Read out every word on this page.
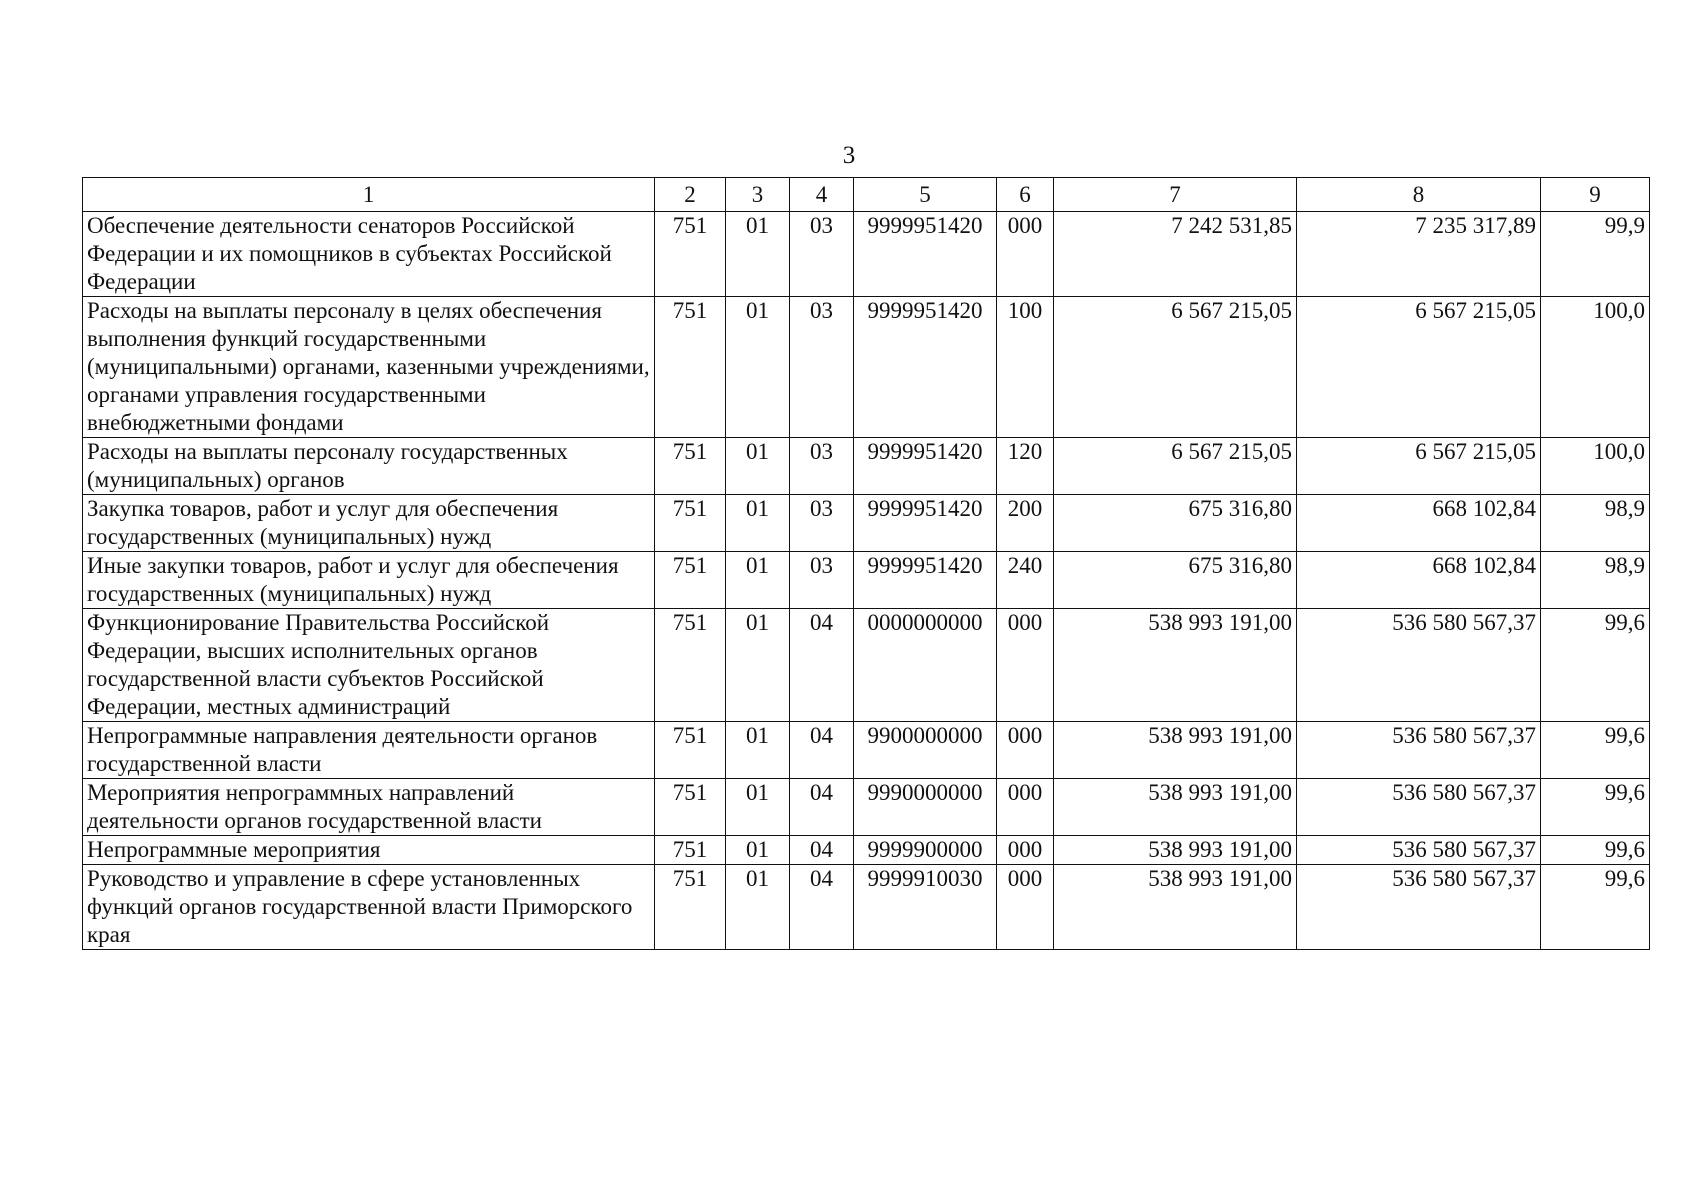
3
1	2	3	4	5	6	7	8	9
Обеспечение деятельности сенаторов Российской Федерации и их помощников в субъектах Российской Федерации	751	01	03	9999951420	000	7 242 531,85	7 235 317,89	99,9
Расходы на выплаты персоналу в целях обеспечения выполнения функций государственными (муниципальными) органами, казенными учреждениями, органами управления государственными внебюджетными фондами	751	01	03	9999951420	100	6 567 215,05	6 567 215,05	100,0
Расходы на выплаты персоналу государственных (муниципальных) органов	751	01	03	9999951420	120	6 567 215,05	6 567 215,05	100,0
Закупка товаров, работ и услуг для обеспечения государственных (муниципальных) нужд	751	01	03	9999951420	200	675 316,80	668 102,84	98,9
Иные закупки товаров, работ и услуг для обеспечения государственных (муниципальных) нужд	751	01	03	9999951420	240	675 316,80	668 102,84	98,9
Функционирование Правительства Российской Федерации, высших исполнительных органов государственной власти субъектов Российской Федерации, местных администраций	751	01	04	0000000000	000	538 993 191,00	536 580 567,37	99,6
Непрограммные направления деятельности органов государственной власти	751	01	04	9900000000	000	538 993 191,00	536 580 567,37	99,6
Мероприятия непрограммных направлений деятельности органов государственной власти	751	01	04	9990000000	000	538 993 191,00	536 580 567,37	99,6
Непрограммные мероприятия	751	01	04	9999900000	000	538 993 191,00	536 580 567,37	99,6
Руководство и управление в сфере установленных функций органов государственной власти Приморского края	751	01	04	9999910030	000	538 993 191,00	536 580 567,37	99,6
